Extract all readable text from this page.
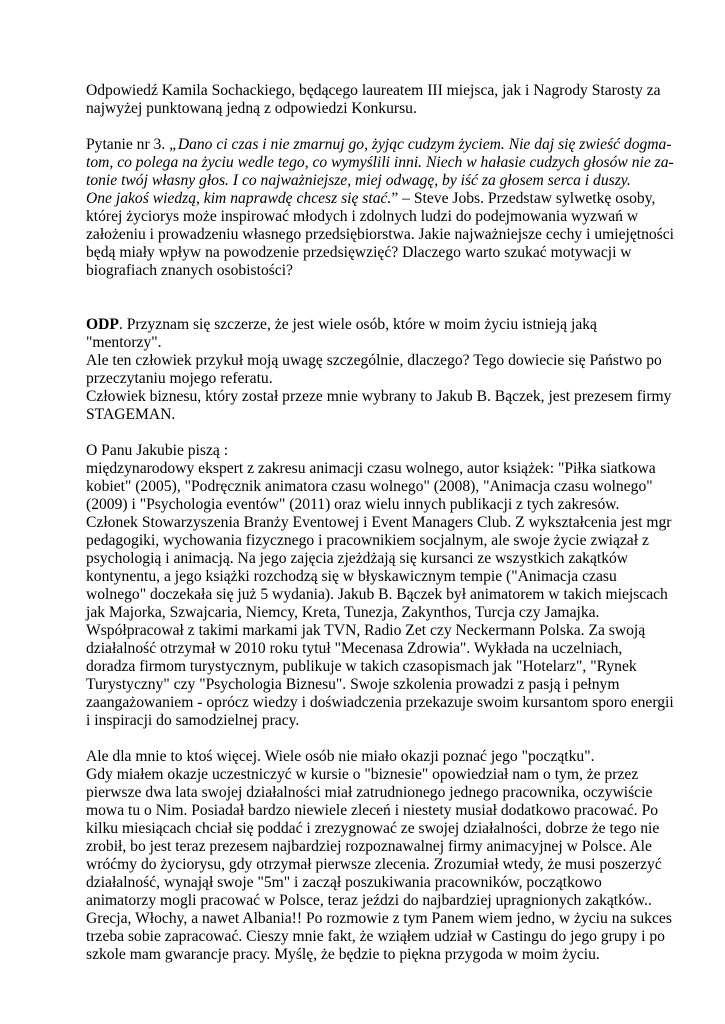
Odpowiedź Kamila Sochackiego, będącego laureatem III miejsca, jak i Nagrody Starosty za
najwyżej punktowaną jedną z odpowiedzi Konkursu.

Pytanie nr 3. „Dano ci czas i nie zmarnuj go, żyjąc cudzym życiem. Nie daj się zwieść dogma-
tom, co polega na życiu wedle tego, co wymyślili inni. Niech w hałasie cudzych głosów nie za-
tonie twój własny głos. I co najważniejsze, miej odwagę, by iść za głosem serca i duszy.
One jakoś wiedzą, kim naprawdę chcesz się stać.” – Steve Jobs. Przedstaw sylwetkę osoby,
której życiorys może inspirować młodych i zdolnych ludzi do podejmowania wyzwań w
założeniu i prowadzeniu własnego przedsiębiorstwa. Jakie najważniejsze cechy i umiejętności
będą miały wpływ na powodzenie przedsięwzięć? Dlaczego warto szukać motywacji w
biografiach znanych osobistości?

ODP. Przyznam się szczerze, że jest wiele osób, które w moim życiu istnieją jaką
"mentorzy".
Ale ten człowiek przykuł moją uwagę szczególnie, dlaczego? Tego dowiecie się Państwo po
przeczytaniu mojego referatu.
Człowiek biznesu, który został przeze mnie wybrany to Jakub B. Bączek, jest prezesem firmy
STAGEMAN.

O Panu Jakubie piszą :
międzynarodowy ekspert z zakresu animacji czasu wolnego, autor książek: "Piłka siatkowa
kobiet" (2005), "Podręcznik animatora czasu wolnego" (2008), "Animacja czasu wolnego"
(2009) i "Psychologia eventów" (2011) oraz wielu innych publikacji z tych zakresów.
Członek Stowarzyszenia Branży Eventowej i Event Managers Club. Z wykształcenia jest mgr
pedagogiki, wychowania fizycznego i pracownikiem socjalnym, ale swoje życie związał z
psychologią i animacją. Na jego zajęcia zjeżdżają się kursanci ze wszystkich zakątków
kontynentu, a jego książki rozchodzą się w błyskawicznym tempie ("Animacja czasu
wolnego" doczekała się już 5 wydania). Jakub B. Bączek był animatorem w takich miejscach
jak Majorka, Szwajcaria, Niemcy, Kreta, Tunezja, Zakynthos, Turcja czy Jamajka.
Współpracował z takimi markami jak TVN, Radio Zet czy Neckermann Polska. Za swoją
działalność otrzymał w 2010 roku tytuł "Mecenasa Zdrowia". Wykłada na uczelniach,
doradza firmom turystycznym, publikuje w takich czasopismach jak "Hotelarz", "Rynek
Turystyczny" czy "Psychologia Biznesu". Swoje szkolenia prowadzi z pasją i pełnym
zaangażowaniem - oprócz wiedzy i doświadczenia przekazuje swoim kursantom sporo energii
i inspiracji do samodzielnej pracy.

Ale dla mnie to ktoś więcej. Wiele osób nie miało okazji poznać jego "początku".
Gdy miałem okazje uczestniczyć w kursie o "biznesie" opowiedział nam o tym, że przez
pierwsze dwa lata swojej działalności miał zatrudnionego jednego pracownika, oczywiście
mowa tu o Nim. Posiadał bardzo niewiele zleceń i niestety musiał dodatkowo pracować. Po
kilku miesiącach chciał się poddać i zrezygnować ze swojej działalności, dobrze że tego nie
zrobił, bo jest teraz prezesem najbardziej rozpoznawalnej firmy animacyjnej w Polsce. Ale
wróćmy do życiorysu, gdy otrzymał pierwsze zlecenia. Zrozumiał wtedy, że musi poszerzyć
działalność, wynajął swoje "5m" i zaczął poszukiwania pracowników, początkowo
animatorzy mogli pracować w Polsce, teraz jeździ do najbardziej upragnionych zakątków..
Grecja, Włochy, a nawet Albania!! Po rozmowie z tym Panem wiem jedno, w życiu na sukces
trzeba sobie zapracować. Cieszy mnie fakt, że wziąłem udział w Castingu do jego grupy i po
szkole mam gwarancje pracy. Myślę, że będzie to piękna przygoda w moim życiu.
